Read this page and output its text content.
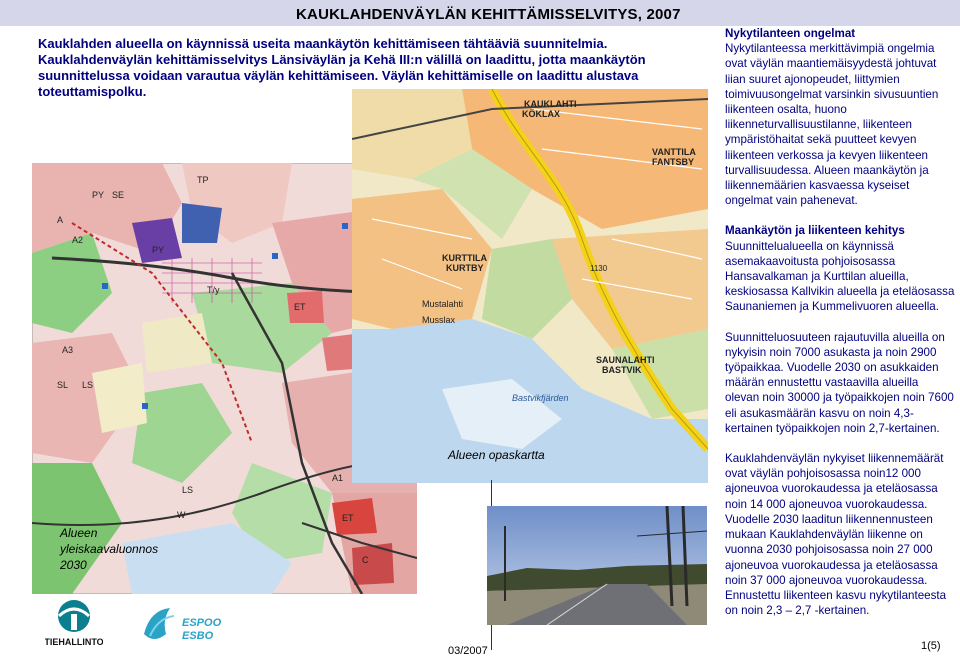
KAUKLAHDENVÄYLÄN KEHITTÄMISSELVITYS, 2007
Kauklahden alueella on käynnissä useita maankäytön kehittämiseen tähtääviä suunnitelmia.
Kauklahdenväylän kehittämisselvitys Länsiväylän ja Kehä III:n välillä on laadittu, jotta maankäytön
suunnittelussa voidaan varautua väylän kehittämiseen. Väylän kehittämiselle on laadittu alustava
toteuttamispolku.
PY SE
A
TP
A2
A3
PY
T/y
ET
LS
SL
LS
W
A1
C
ET
Alueen yleiskaavaluonnos 2030
KAUKLAHTI
KÖKLAX
VANTTILA
FANTSBY
KURTTILA
KURTBY
Mustalahti
Musslax
SAUNALAHTI
BASTVIK
Bastvikfjärden
1130
Alueen opaskartta

Nykytilanteen ongelmat
Nykytilanteessa merkittävimpiä ongelmia ovat väylän maantiemäisyydestä johtuvat liian suuret ajonopeudet, liittymien toimivuusongelmat varsinkin sivusuuntien liikenteen osalta, huono liikenneturvallisuustilanne, liikenteen ympäristöhaitat sekä puutteet kevyen liikenteen verkossa ja kevyen liikenteen turvallisuudessa. Alueen maankäytön ja liikennemäärien kasvaessa kyseiset ongelmat vain pahenevat.

Maankäytön ja liikenteen kehitys
Suunnittelualueella on käynnissä asemakaavoitusta pohjoisosassa Hansavalkaman ja Kurttilan alueilla, keskiosassa Kallvikin alueella ja eteläosassa Saunaniemen ja Kummelivuoren alueella.

Suunnitteluosuuteen rajautuvilla alueilla on nykyisin noin 7000 asukasta ja noin 2900 työpaikkaa. Vuodelle 2030 on asukkaiden määrän ennustettu vastaavilla alueilla olevan noin 30000 ja työpaikkojen noin 7600 eli asukasmäärän kasvu on noin 4,3-kertainen työpaikkojen noin 2,7-kertainen.

Kauklahdenväylän nykyiset liikennemäärät ovat väylän pohjoisosassa noin12 000 ajoneuvoa vuorokaudessa ja eteläosassa noin 14 000 ajoneuvoa vuorokaudessa. Vuodelle 2030 laaditun liikennennusteen mukaan Kauklahdenväylän liikenne on vuonna 2030 pohjoisosassa noin 27 000 ajoneuvoa vuorokaudessa ja eteläosassa noin 37 000 ajoneuvoa vuorokaudessa. Ennustettu liikenteen kasvu nykytilanteesta on noin 2,3 – 2,7 -kertainen.

TIEHALLINTO
ESPOO
ESBO
03/2007	1(5)
